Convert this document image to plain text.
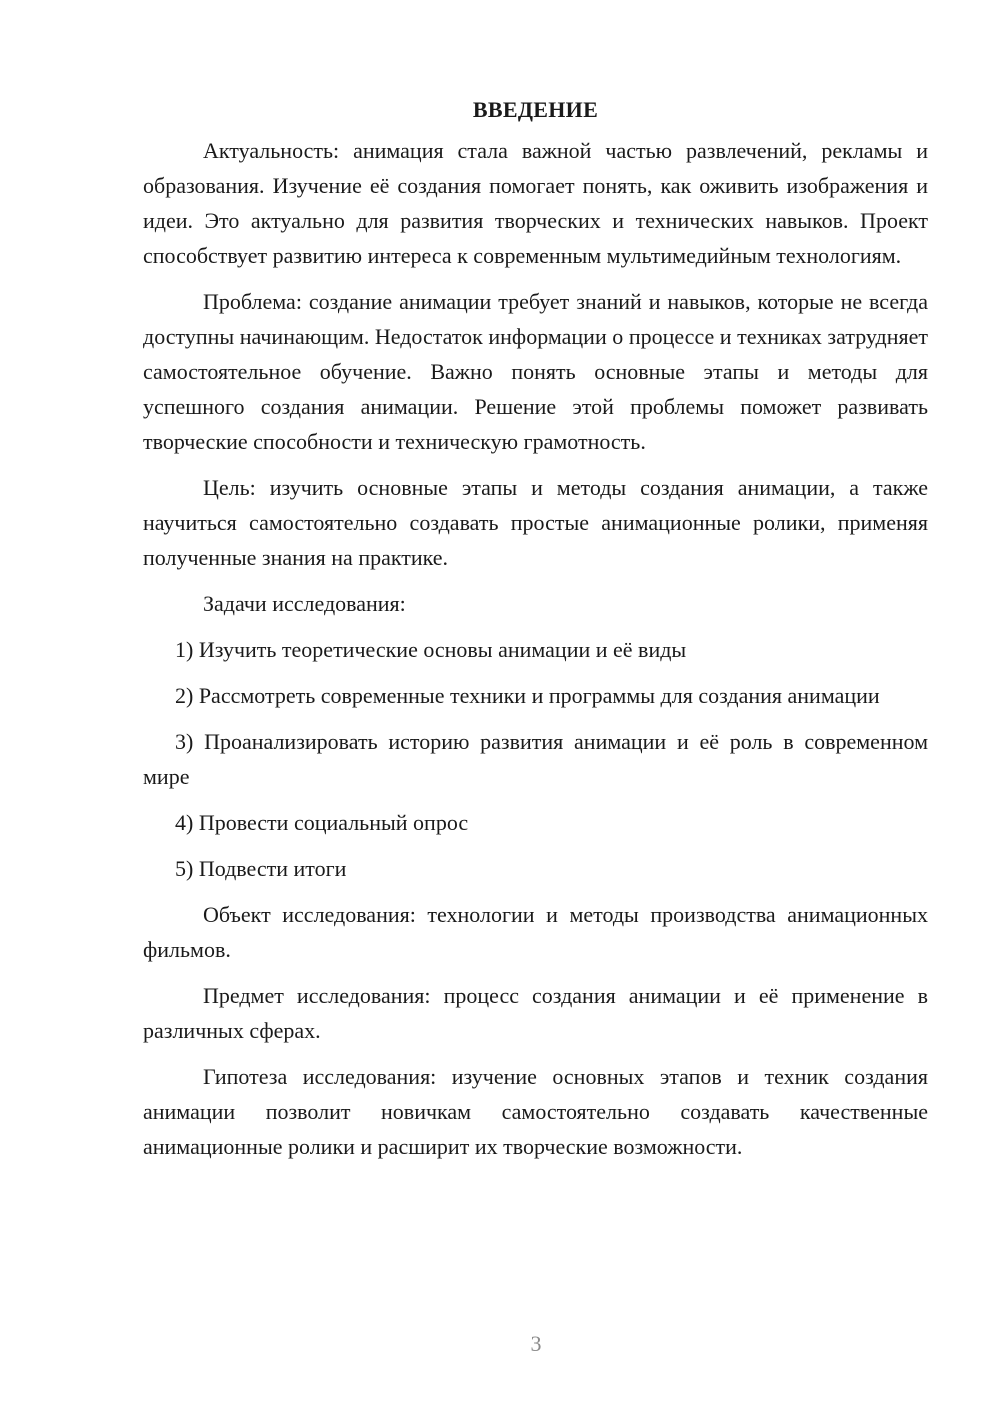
ВВЕДЕНИЕ

Актуальность: анимация стала важной частью развлечений, рекламы и образования. Изучение её создания помогает понять, как оживить изображения и идеи. Это актуально для развития творческих и технических навыков. Проект способствует развитию интереса к современным мультимедийным технологиям.

Проблема: создание анимации требует знаний и навыков, которые не всегда доступны начинающим. Недостаток информации о процессе и техниках затрудняет самостоятельное обучение. Важно понять основные этапы и методы для успешного создания анимации. Решение этой проблемы поможет развивать творческие способности и техническую грамотность.

Цель: изучить основные этапы и методы создания анимации, а также научиться самостоятельно создавать простые анимационные ролики, применяя полученные знания на практике.

Задачи исследования:

1) Изучить теоретические основы анимации и её виды

2) Рассмотреть современные техники и программы для создания анимации

3) Проанализировать историю развития анимации и её роль в современном мире

4) Провести социальный опрос

5) Подвести итоги

Объект исследования: технологии и методы производства анимационных фильмов.

Предмет исследования: процесс создания анимации и её применение в различных сферах.

Гипотеза исследования: изучение основных этапов и техник создания анимации позволит новичкам самостоятельно создавать качественные анимационные ролики и расширит их творческие возможности.

3
